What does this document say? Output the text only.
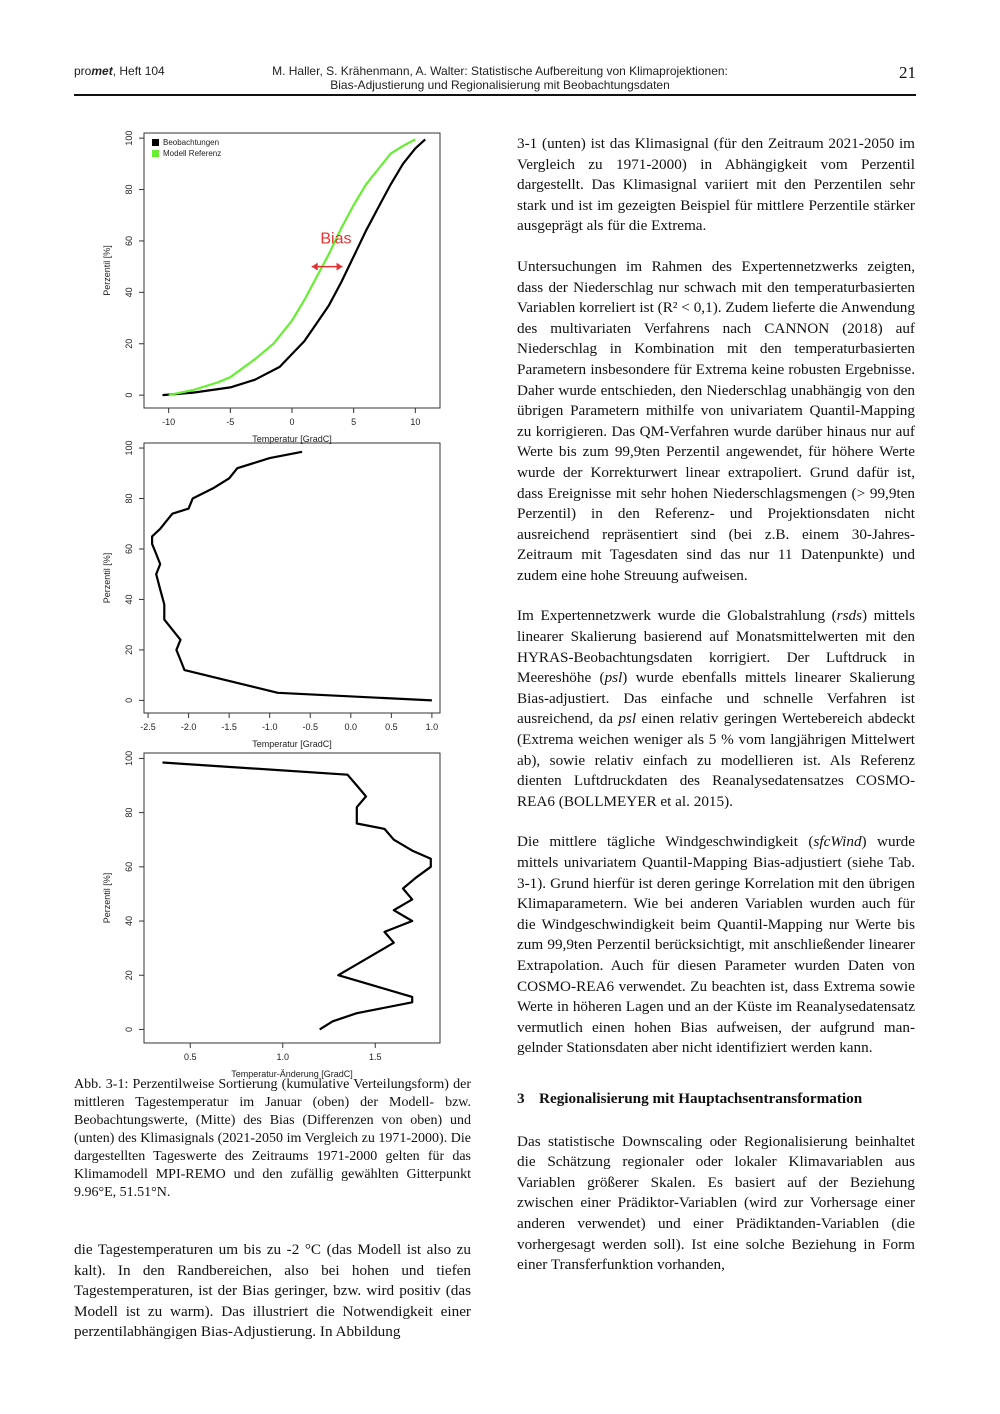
promet, Heft 104	M. Haller, S. Krähenmann, A. Walter: Statistische Aufbereitung von Klimaprojektionen:
Bias-Adjustierung und Regionalisierung mit Beobachtungsdaten
21
-10	-5	0	5	10
0
20
40
60
80
100
Temperatur [GradC]
Perzentil [%]
Beobachtungen
Modell Referenz
Bias
-2.5	-2.0	-1.5	-1.0	-0.5	0.0	0.5	1.0
0
20
40
60
80
100
Temperatur [GradC]
Perzentil [%]
0.5	1.0	1.5
0
20
40
60
80
100
Temperatur-Änderung [GradC]
Perzentil [%]
Abb. 3-1: Perzentilweise Sortierung (kumulative Verteilungsform) der mittleren Tagestemperatur im Januar (oben) der Modell- bzw. Beobachtungswerte, (Mitte) des Bias (Differenzen von oben) und (unten) des Klimasignals (2021-2050 im Vergleich zu 1971-2000). Die dargestellten Tageswerte des Zeitraums 1971-2000 gelten für das Klimamodell MPI-REMO und den zufällig gewählten Gitterpunkt 9.96°E, 51.51°N.

die Tagestemperaturen um bis zu -2 °C (das Modell ist also zu kalt). In den Randbereichen, also bei hohen und tiefen Tagestemperaturen, ist der Bias geringer, bzw. wird positiv (das Modell ist zu warm). Das illustriert die Notwendigkeit einer perzentilabhängigen Bias-Adjustierung. In Abbildung

3-1 (unten) ist das Klimasignal (für den Zeitraum 2021-2050 im Vergleich zu 1971-2000) in Abhängigkeit vom Perzentil dargestellt. Das Klimasignal variiert mit den Perzentilen sehr stark und ist im gezeigten Beispiel für mittlere Perzentile stärker ausgeprägt als für die Extrema.

Untersuchungen im Rahmen des Expertennetzwerks zeigten, dass der Niederschlag nur schwach mit den temperaturbasierten Variablen korreliert ist (R² < 0,1). Zudem lieferte die Anwendung des multivariaten Verfahrens nach CANNON (2018) auf Niederschlag in Kombination mit den temperaturbasierten Parametern insbesondere für Extrema keine robusten Ergebnisse. Daher wurde entschieden, den Niederschlag unabhängig von den übrigen Parametern mithilfe von univariatem Quantil-Mapping zu korrigieren. Das QM-Verfahren wurde darüber hinaus nur auf Werte bis zum 99,9ten Perzentil angewendet, für höhere Werte wurde der Korrekturwert linear extrapoliert. Grund dafür ist, dass Ereignisse mit sehr hohen Niederschlagsmengen (> 99,9ten Perzentil) in den Referenz- und Projektionsdaten nicht ausreichend repräsentiert sind (bei z.B. einem 30-Jahres-Zeitraum mit Tagesdaten sind das nur 11 Datenpunkte) und zudem eine hohe Streuung aufweisen.

Im Expertennetzwerk wurde die Globalstrahlung (rsds) mittels linearer Skalierung basierend auf Monatsmittelwerten mit den HYRAS-Beobachtungsdaten korrigiert. Der Luftdruck in Meereshöhe (psl) wurde ebenfalls mittels linearer Skalierung Bias-adjustiert. Das einfache und schnelle Verfahren ist ausreichend, da psl einen relativ geringen Wertebereich abdeckt (Extrema weichen weniger als 5 % vom langjährigen Mittelwert ab), sowie relativ einfach zu modellieren ist. Als Referenz dienten Luftdruckdaten des Reanalysedatensatzes COSMO-REA6 (BOLLMEYER et al. 2015).

Die mittlere tägliche Windgeschwindigkeit (sfcWind) wurde mittels univariatem Quantil-Mapping Bias-adjustiert (siehe Tab. 3-1). Grund hierfür ist deren geringe Korrelation mit den übrigen Klimaparametern. Wie bei anderen Variablen wurden auch für die Windgeschwindigkeit beim Quantil-Mapping nur Werte bis zum 99,9ten Perzentil berücksichtigt, mit anschließender linearer Extrapolation. Auch für diesen Parameter wurden Daten von COSMO-REA6 verwendet. Zu beachten ist, dass Extrema sowie Werte in höheren Lagen und an der Küste im Reanalysedatensatz vermutlich einen hohen Bias aufweisen, der aufgrund mangelnder Stationsdaten aber nicht identifiziert werden kann.

3 Regionalisierung mit Hauptachsentransformation

Das statistische Downscaling oder Regionalisierung beinhaltet die Schätzung regionaler oder lokaler Klimavariablen aus Variablen größerer Skalen. Es basiert auf der Beziehung zwischen einer Prädiktor-Variablen (wird zur Vorhersage einer anderen verwendet) und einer Prädiktanden-Variablen (die vorhergesagt werden soll). Ist eine solche Beziehung in Form einer Transferfunktion vorhanden,
